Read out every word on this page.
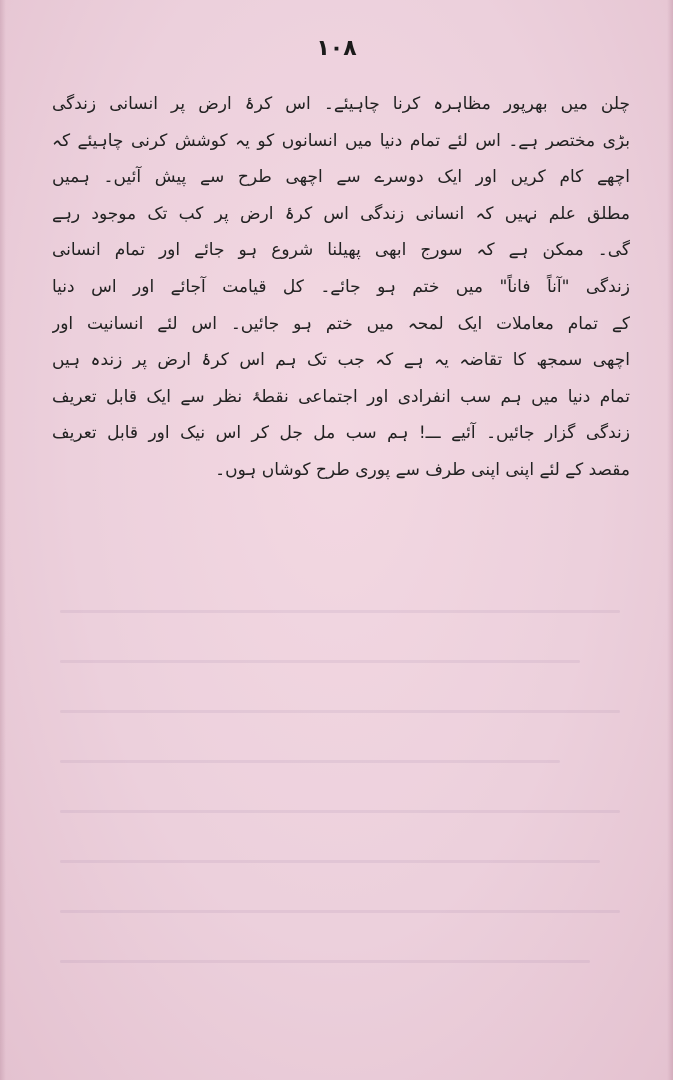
۱۰۸
چلن میں بھرپور مظاہرہ کرنا چاہیئے۔ اس کرۂ ارض پر انسانی زندگی
بڑی مختصر ہے۔ اس لئے تمام دنیا میں انسانوں کو یہ کوشش کرنی چاہیئے کہ
اچھے کام کریں اور ایک دوسرے سے اچھی طرح سے پیش آئیں۔ ہمیں
مطلق علم نہیں کہ انسانی زندگی اس کرۂ ارض پر کب تک موجود رہے
گی۔ ممکن ہے کہ سورج ابھی پھیلنا شروع ہو جائے اور تمام انسانی
زندگی "آناً فاناً" میں ختم ہو جائے۔ کل قیامت آجائے اور اس دنیا
کے تمام معاملات ایک لمحہ میں ختم ہو جائیں۔ اس لئے انسانیت اور
اچھی سمجھ کا تقاضہ یہ ہے کہ جب تک ہم اس کرۂ ارض پر زندہ ہیں
تمام دنیا میں ہم سب انفرادی اور اجتماعی نقطۂ نظر سے ایک قابل تعریف
زندگی گزار جائیں۔ آئیے ـــ! ہم سب مل جل کر اس نیک اور قابل تعریف
مقصد کے لئے اپنی اپنی طرف سے پوری طرح کوشاں ہوں۔
